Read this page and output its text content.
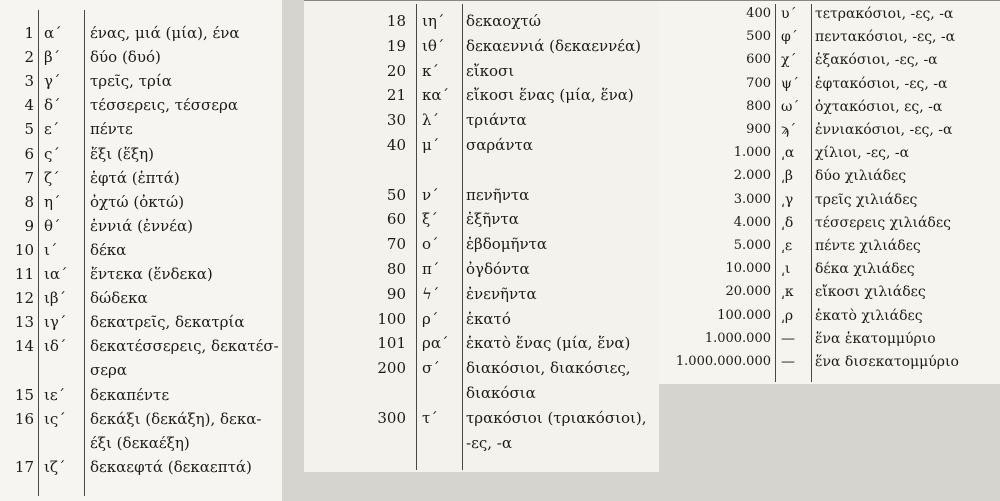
1 α΄	ένας, μιά (μία), ένα
2 β΄	δύο (δυό)
3 γ΄	τρεῖς, τρία
4 δ΄	τέσσερεις, τέσσερα
5 ε΄	πέντε
6 ς΄	ἕξι (ἕξη)
7 ζ΄	ἑφτά (ἑπτά)
8 η΄	ὀχτώ (ὀκτώ)
9 θ΄	ἐννιά (ἐννέα)
10 ι΄	δέκα
11 ια΄	ἕντεκα (ἕνδεκα)
12 ιβ΄	δώδεκα
13 ιγ΄	δεκατρεῖς, δεκατρία
14 ιδ΄	δεκατέσσερεις, δεκατέσ-
σερα
15 ιε΄	δεκαπέντε
16 ις΄	δεκάξι (δεκάξη), δεκα-
έξι (δεκαέξη)
17 ιζ΄	δεκαεφτά (δεκαεπτά)
18 ιη΄	δεκαοχτώ
19 ιθ΄	δεκαεννιά (δεκαεννέα)
20 κ΄	εἴκοσι
21 κα΄	εἴκοσι ἕνας (μία, ἕνα)
30 λ΄	τριάντα
40 μ΄	σαράντα
50 ν΄	πενῆντα
60 ξ΄	ἑξῆντα
70 ο΄	ἑβδομῆντα
80 π΄	ὀγδόντα
90 ϟ΄	ἐνενῆντα
100 ρ΄	ἑκατό
101 ρα΄	ἑκατὸ ἕνας (μία, ἕνα)
200 σ΄	διακόσιοι, διακόσιες,
διακόσια
300 τ΄	τρακόσιοι (τριακόσιοι),
-ες, -α
400 υ΄	τετρακόσιοι, -ες, -α
500 φ΄	πεντακόσιοι, -ες, -α
600 χ΄	ἑξακόσιοι, -ες, -α
700 ψ΄	ἑφτακόσιοι, -ες, -α
800 ω΄	ὀχτακόσιοι, ες, -α
900 ϡ΄	ἐννιακόσιοι, -ες, -α
1.000 ͵α	χίλιοι, -ες, -α
2.000 ͵β	δύο χιλιάδες
3.000 ͵γ	τρεῖς χιλιάδες
4.000 ͵δ	τέσσερεις χιλιάδες
5.000 ͵ε	πέντε χιλιάδες
10.000 ͵ι	δέκα χιλιάδες
20.000 ͵κ	εἴκοσι χιλιάδες
100.000 ͵ρ	ἑκατὸ χιλιάδες
1.000.000 —	ἕνα ἑκατομμύριο
1.000.000.000 —	ἕνα δισεκατομμύριο
